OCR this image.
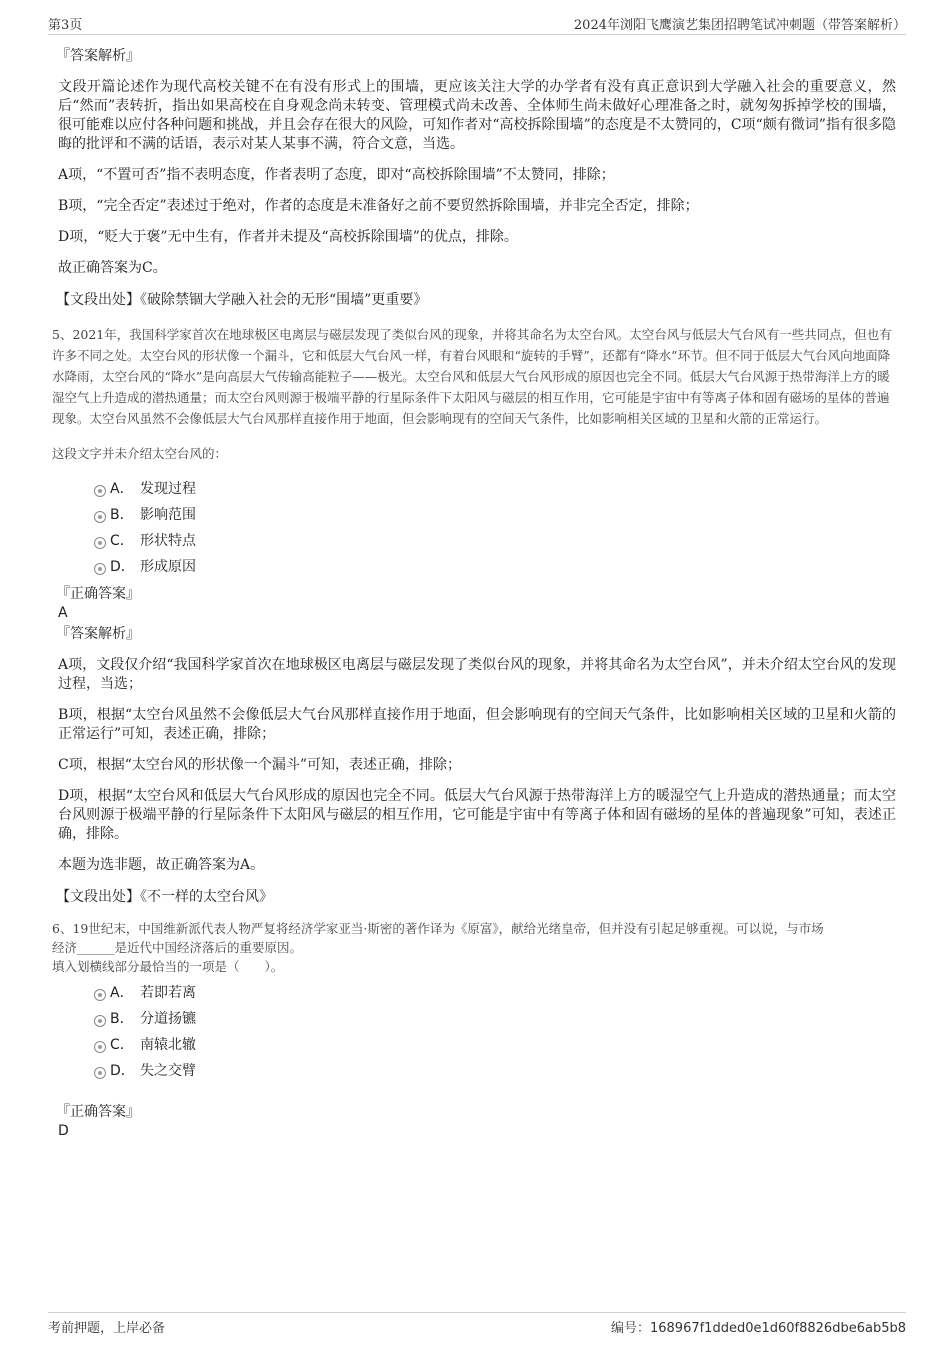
第3页	2024年浏阳飞鹰演艺集团招聘笔试冲刺题（带答案解析）

『答案解析』

文段开篇论述作为现代高校关键不在有没有形式上的围墙，更应该关注大学的办学者有没有真正意识到大学融入社会的重要意义，然后“然而”表转折，指出如果高校在自身观念尚未转变、管理模式尚未改善、全体师生尚未做好心理准备之时，就匆匆拆掉学校的围墙，很可能难以应付各种问题和挑战，并且会存在很大的风险，可知作者对“高校拆除围墙”的态度是不太赞同的，C项“颇有微词”指有很多隐晦的批评和不满的话语，表示对某人某事不满，符合文意，当选。

A项，“不置可否”指不表明态度，作者表明了态度，即对“高校拆除围墙”不太赞同，排除；

B项，“完全否定”表述过于绝对，作者的态度是未准备好之前不要贸然拆除围墙，并非完全否定，排除；

D项，“贬大于褒”无中生有，作者并未提及“高校拆除围墙”的优点，排除。

故正确答案为C。

【文段出处】《破除禁锢大学融入社会的无形“围墙”更重要》

5、2021年，我国科学家首次在地球极区电离层与磁层发现了类似台风的现象，并将其命名为太空台风。太空台风与低层大气台风有一些共同点，但也有许多不同之处。太空台风的形状像一个漏斗，它和低层大气台风一样，有着台风眼和“旋转的手臂”，还都有“降水”环节。但不同于低层大气台风向地面降水降雨，太空台风的“降水”是向高层大气传输高能粒子——极光。太空台风和低层大气台风形成的原因也完全不同。低层大气台风源于热带海洋上方的暖湿空气上升造成的潜热通量；而太空台风则源于极端平静的行星际条件下太阳风与磁层的相互作用，它可能是宇宙中有等离子体和固有磁场的星体的普遍现象。太空台风虽然不会像低层大气台风那样直接作用于地面，但会影响现有的空间天气条件，比如影响相关区域的卫星和火箭的正常运行。

这段文字并未介绍太空台风的：

A． 发现过程
B． 影响范围
C． 形状特点
D． 形成原因

『正确答案』

A

『答案解析』

A项，文段仅介绍“我国科学家首次在地球极区电离层与磁层发现了类似台风的现象，并将其命名为太空台风”，并未介绍太空台风的发现过程，当选；

B项，根据“太空台风虽然不会像低层大气台风那样直接作用于地面，但会影响现有的空间天气条件，比如影响相关区域的卫星和火箭的正常运行”可知，表述正确，排除；

C项，根据“太空台风的形状像一个漏斗”可知，表述正确，排除；

D项，根据“太空台风和低层大气台风形成的原因也完全不同。低层大气台风源于热带海洋上方的暖湿空气上升造成的潜热通量；而太空台风则源于极端平静的行星际条件下太阳风与磁层的相互作用，它可能是宇宙中有等离子体和固有磁场的星体的普遍现象”可知，表述正确，排除。

本题为选非题，故正确答案为A。

【文段出处】《不一样的太空台风》

6、19世纪末，中国维新派代表人物严复将经济学家亚当·斯密的著作译为《原富》，献给光绪皇帝，但并没有引起足够重视。可以说，与市场

经济______是近代中国经济落后的重要原因。

填入划横线部分最恰当的一项是（　　）。

A． 若即若离
B． 分道扬镳
C． 南辕北辙
D． 失之交臂

『正确答案』

D

考前押题，上岸必备	编号：168967f1dded0e1d60f8826dbe6ab5b8
